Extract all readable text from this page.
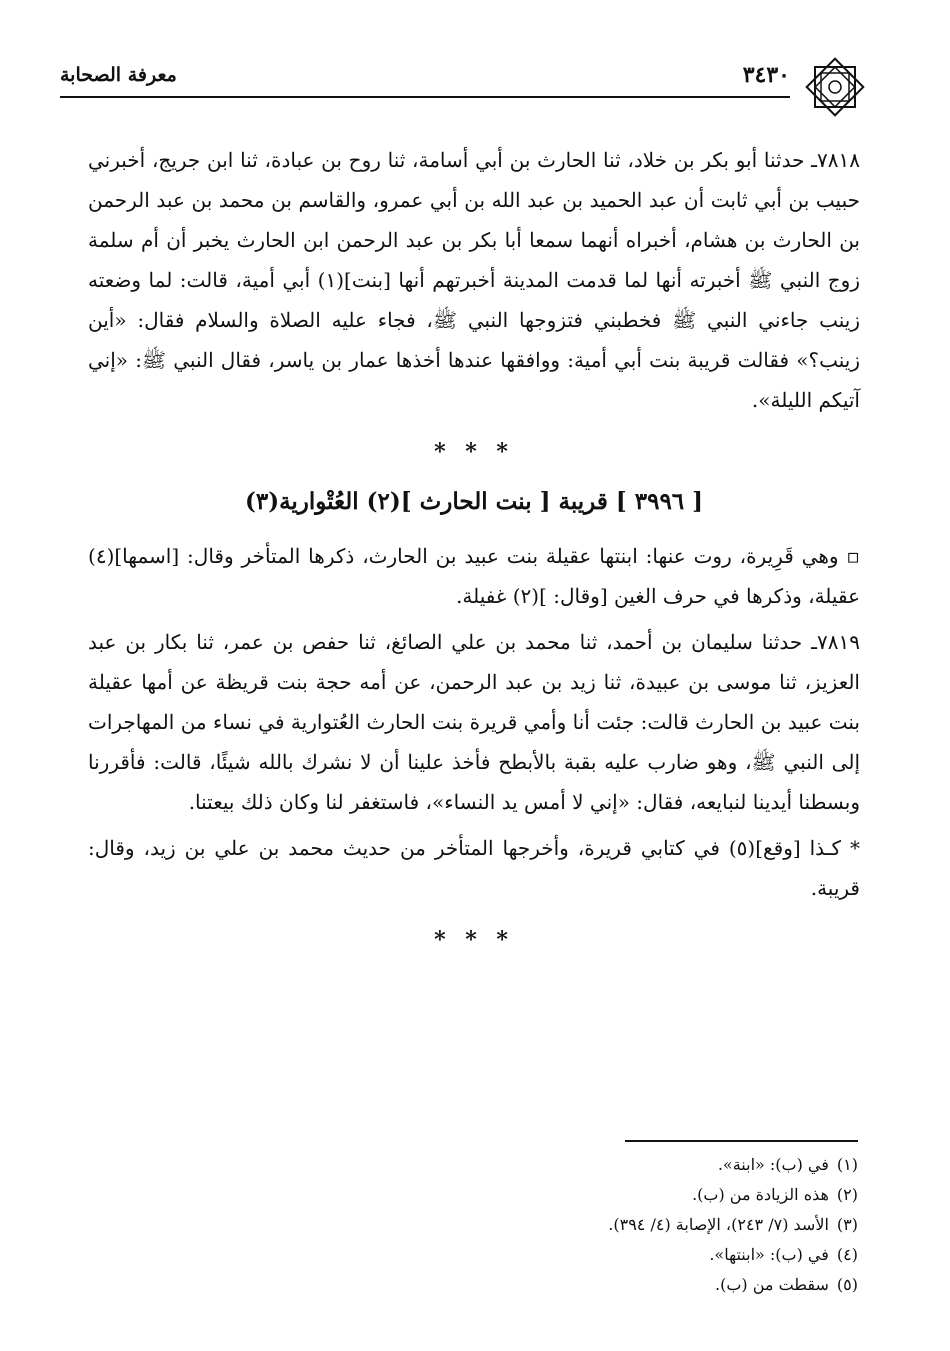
٣٤٣٠
معرفة الصحابة

٧٨١٨ـ حدثنا أبو بكر بن خلاد، ثنا الحارث بن أبي أسامة، ثنا روح بن عبادة، ثنا ابن جريج، أخبرني حبيب بن أبي ثابت أن عبد الحميد بن عبد الله بن أبي عمرو، والقاسم بن محمد بن عبد الرحمن بن الحارث بن هشام، أخبراه أنهما سمعا أبا بكر بن عبد الرحمن ابن الحارث يخبر أن أم سلمة زوج النبي ﷺ أخبرته أنها لما قدمت المدينة أخبرتهم أنها [بنت](١) أبي أمية، قالت: لما وضعته زينب جاءني النبي ﷺ فخطبني فتزوجها النبي ﷺ، فجاء عليه الصلاة والسلام فقال: «أين زينب؟» فقالت قريبة بنت أبي أمية: ووافقها عندها أخذها عمار بن ياسر، فقال النبي ﷺ: «إني آتيكم الليلة».

* * *

[ ٣٩٩٦ ] قريبة [ بنت الحارث ](٢) العُتْوارية(٣)

▫ وهي قَرِيرة، روت عنها: ابنتها عقيلة بنت عبيد بن الحارث، ذكرها المتأخر وقال: [اسمها](٤) عقيلة، وذكرها في حرف الغين [وقال: ](٢) غفيلة.

٧٨١٩ـ حدثنا سليمان بن أحمد، ثنا محمد بن علي الصائغ، ثنا حفص بن عمر، ثنا بكار بن عبد العزيز، ثنا موسى بن عبيدة، ثنا زيد بن عبد الرحمن، عن أمه حجة بنت قريظة عن أمها عقيلة بنت عبيد بن الحارث قالت: جئت أنا وأمي قريرة بنت الحارث العُتوارية في نساء من المهاجرات إلى النبي ﷺ، وهو ضارب عليه بقبة بالأبطح فأخذ علينا أن لا نشرك بالله شيئًا، قالت: فأقررنا وبسطنا أيدينا لنبايعه، فقال: «إني لا أمس يد النساء»، فاستغفر لنا وكان ذلك بيعتنا.

* كـذا [وقع](٥) في كتابي قريرة، وأخرجها المتأخر من حديث محمد بن علي بن زيد، وقال: قريبة.

* * *

(١)في (ب): «ابنة».
(٢)هذه الزيادة من (ب).
(٣)الأسد (٧/ ٢٤٣)، الإصابة (٤/ ٣٩٤).
(٤)في (ب): «ابنتها».
(٥)سقطت من (ب).
